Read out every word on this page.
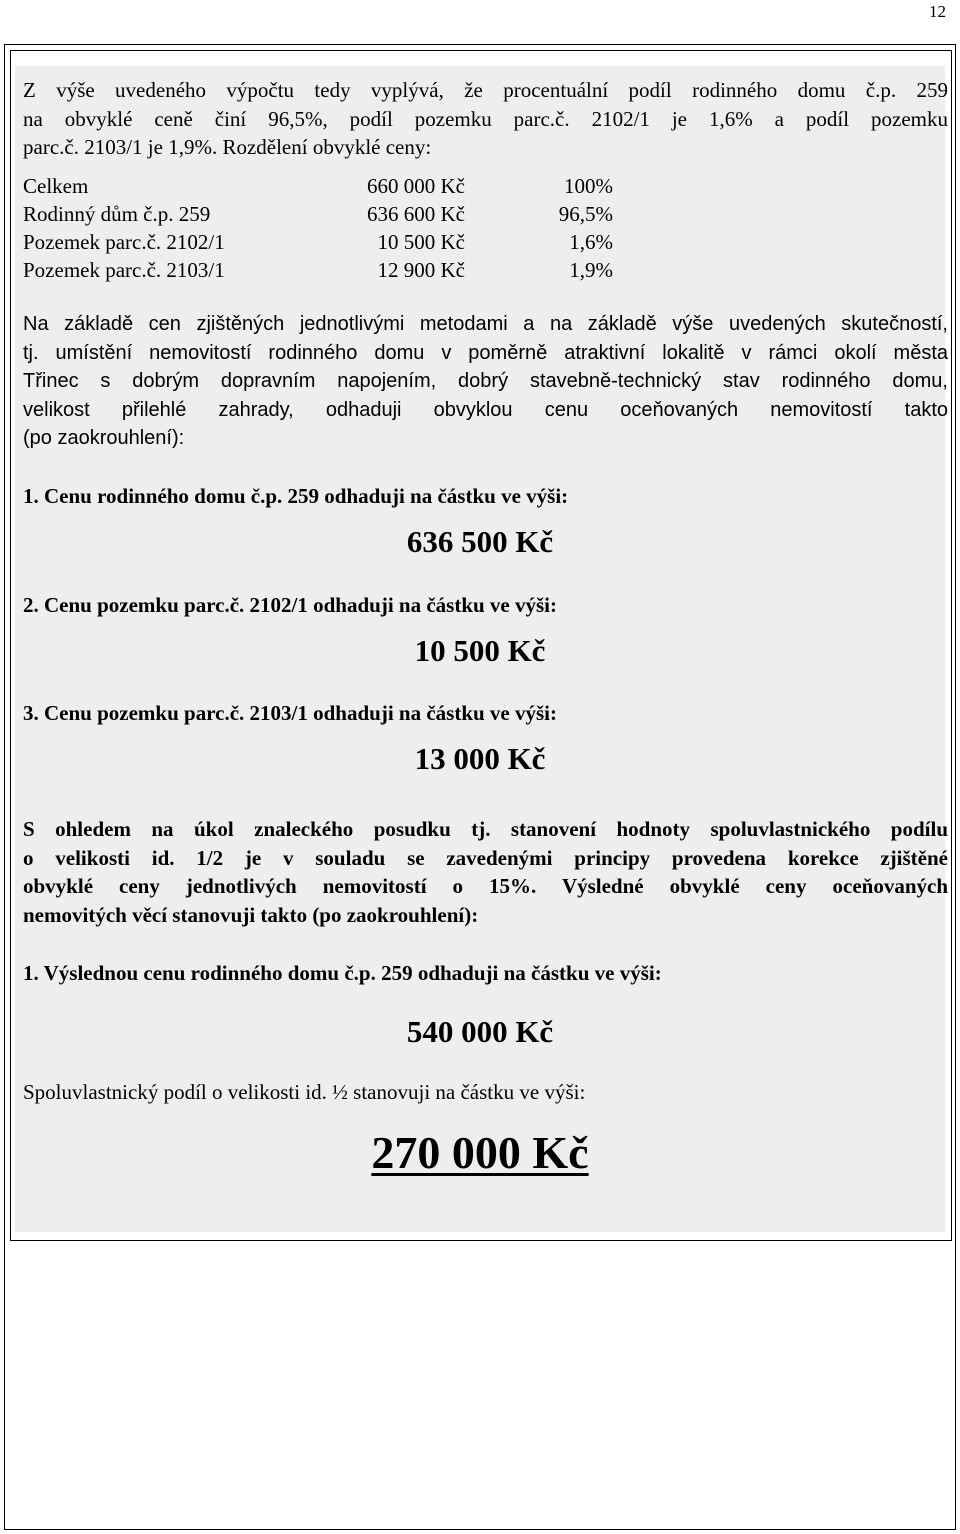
12

Z výše uvedeného výpočtu tedy vyplývá, že procentuální podíl rodinného domu č.p. 259
na obvyklé ceně činí 96,5%, podíl pozemku parc.č. 2102/1 je 1,6% a podíl pozemku
parc.č. 2103/1 je 1,9%. Rozdělení obvyklé ceny:

Celkem	660 000 Kč	100%
Rodinný dům č.p. 259	636 600 Kč	96,5%
Pozemek parc.č. 2102/1	10 500 Kč	1,6%
Pozemek parc.č. 2103/1	12 900 Kč	1,9%

Na základě cen zjištěných jednotlivými metodami a na základě výše uvedených skutečností,
tj. umístění nemovitostí rodinného domu v poměrně atraktivní lokalitě v rámci okolí města
Třinec s dobrým dopravním napojením, dobrý stavebně-technický stav rodinného domu,
velikost přilehlé zahrady, odhaduji obvyklou cenu oceňovaných nemovitostí takto
(po zaokrouhlení):

1. Cenu rodinného domu č.p. 259 odhaduji na částku ve výši:
636 500 Kč
2. Cenu pozemku parc.č. 2102/1 odhaduji na částku ve výši:
10 500 Kč
3. Cenu pozemku parc.č. 2103/1 odhaduji na částku ve výši:
13 000 Kč

S ohledem na úkol znaleckého posudku tj. stanovení hodnoty spoluvlastnického podílu
o velikosti id. 1/2 je v souladu se zavedenými principy provedena korekce zjištěné
obvyklé ceny jednotlivých nemovitostí o 15%. Výsledné obvyklé ceny oceňovaných
nemovitých věcí stanovuji takto (po zaokrouhlení):

1. Výslednou cenu rodinného domu č.p. 259 odhaduji na částku ve výši:
540 000 Kč
Spoluvlastnický podíl o velikosti id. ½ stanovuji na částku ve výši:
270 000 Kč
